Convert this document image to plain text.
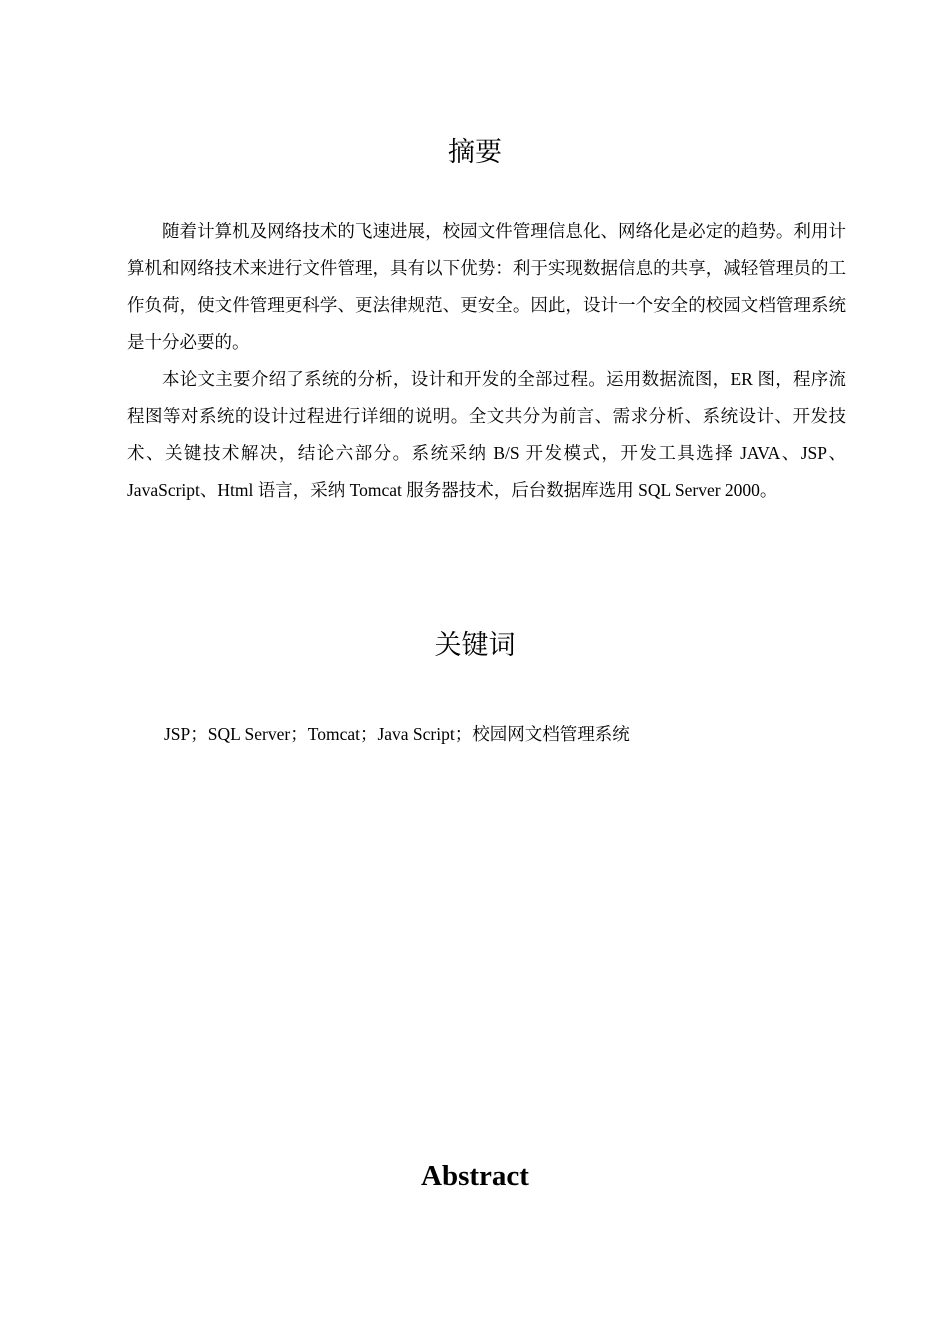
摘要

随着计算机及网络技术的飞速进展，校园文件管理信息化、网络化是必定的趋势。利用计算机和网络技术来进行文件管理，具有以下优势：利于实现数据信息的共享，减轻管理员的工作负荷，使文件管理更科学、更法律规范、更安全。因此，设计一个安全的校园文档管理系统是十分必要的。

本论文主要介绍了系统的分析，设计和开发的全部过程。运用数据流图，ER 图，程序流程图等对系统的设计过程进行详细的说明。全文共分为前言、需求分析、系统设计、开发技术、关键技术解决，结论六部分。系统采纳 B/S 开发模式，开发工具选择 JAVA、JSP、JavaScript、Html 语言，采纳 Tomcat 服务器技术，后台数据库选用 SQL Server 2000。

关键词

JSP；SQL Server；Tomcat；Java Script；校园网文档管理系统

Abstract
